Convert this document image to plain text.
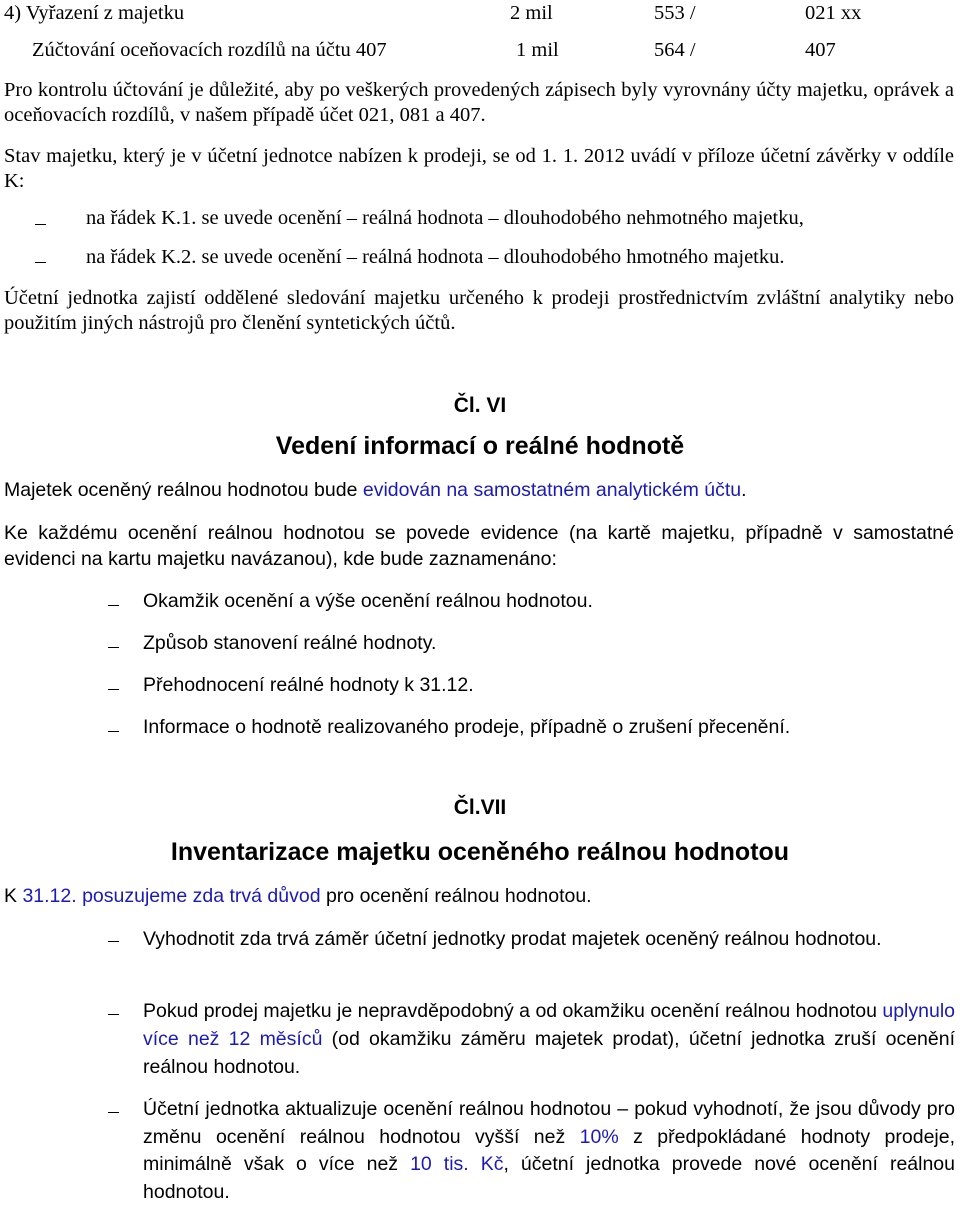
4) Vyřazení z majetku	2 mil	553 /	021 xx
Zúčtování oceňovacích rozdílů na účtu 407	1 mil	564 /	407

Pro kontrolu účtování je důležité, aby po veškerých provedených zápisech byly vyrovnány účty majetku, oprávek a oceňovacích rozdílů, v našem případě účet 021, 081 a 407.

Stav majetku, který je v účetní jednotce nabízen k prodeji, se od 1. 1. 2012 uvádí v příloze účetní závěrky v oddíle K:

na řádek K.1. se uvede ocenění – reálná hodnota – dlouhodobého nehmotného majetku,
na řádek K.2. se uvede ocenění – reálná hodnota – dlouhodobého hmotného majetku.

Účetní jednotka zajistí oddělené sledování majetku určeného k prodeji prostřednictvím zvláštní analytiky nebo použitím jiných nástrojů pro členění syntetických účtů.

Čl. VI
Vedení informací o reálné hodnotě
Majetek oceněný reálnou hodnotou bude evidován na samostatném analytickém účtu.

Ke každému ocenění reálnou hodnotou se povede evidence (na kartě majetku, případně v samostatné evidenci na kartu majetku navázanou), kde bude zaznamenáno:

Okamžik ocenění a výše ocenění reálnou hodnotou.
Způsob stanovení reálné hodnoty.
Přehodnocení reálné hodnoty k 31.12.
Informace o hodnotě realizovaného prodeje, případně o zrušení přecenění.
Čl.VII
Inventarizace majetku oceněného reálnou hodnotou
K 31.12. posuzujeme zda trvá důvod pro ocenění reálnou hodnotou.
Vyhodnotit zda trvá záměr účetní jednotky prodat majetek oceněný reálnou hodnotou.
Pokud prodej majetku je nepravděpodobný a od okamžiku ocenění reálnou hodnotou uplynulo více než 12 měsíců (od okamžiku záměru majetek prodat), účetní jednotka zruší ocenění reálnou hodnotou.
Účetní jednotka aktualizuje ocenění reálnou hodnotou – pokud vyhodnotí, že jsou důvody pro změnu ocenění reálnou hodnotou vyšší než 10% z předpokládané hodnoty prodeje, minimálně však o více než 10 tis. Kč, účetní jednotka provede nové ocenění reálnou hodnotou.
